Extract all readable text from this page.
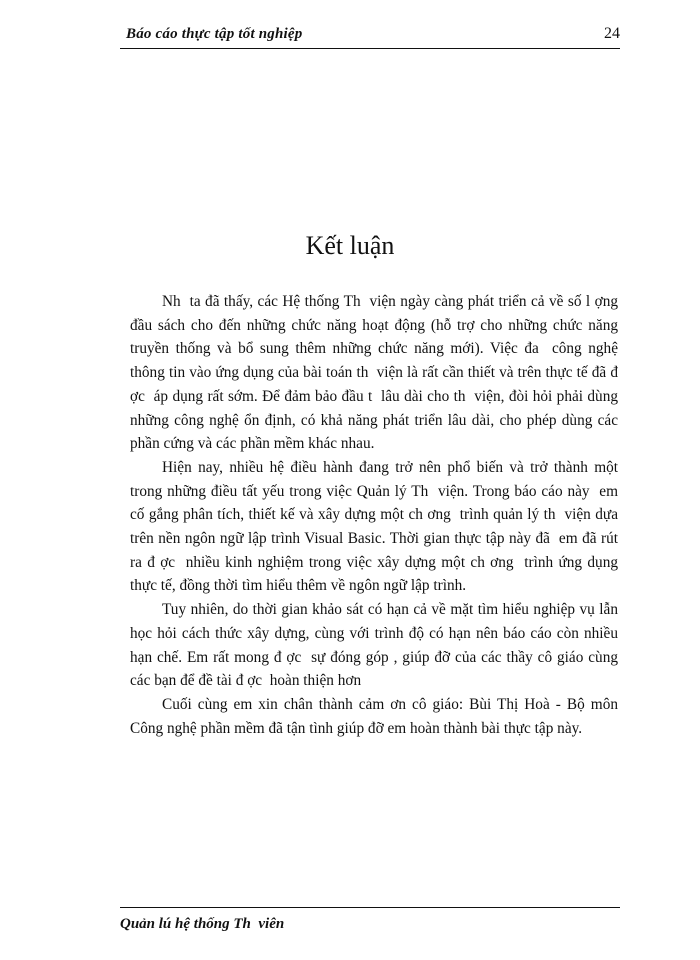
Báo cáo thực tập tốt nghiệp	24
Kết luận

Nh  ta đã thấy, các Hệ thống Th  viện ngày càng phát triển cả về số l ợng  đầu sách cho đến những chức năng hoạt động (hỗ trợ cho những chức năng truyền thống và bổ sung thêm những chức năng mới). Việc đa  công nghệ thông tin vào ứng dụng của bài toán th  viện là rất cần thiết và trên thực tế đã đ ợc  áp dụng rất sớm. Để đảm bảo đầu t  lâu dài cho th  viện, đòi hỏi phải dùng những công nghệ ổn định, có khả năng phát triển lâu dài, cho phép dùng các phần cứng và các phần mềm khác nhau.

Hiện nay, nhiều hệ điều hành đang trở nên phổ biến và trở thành một trong những điều tất yếu trong việc Quản lý Th  viện. Trong báo cáo này  em cố gắng phân tích, thiết kế và xây dựng một ch ơng  trình quản lý th  viện dựa trên nền ngôn ngữ lập trình Visual Basic. Thời gian thực tập này đã  em đã rút ra đ ợc  nhiều kinh nghiệm trong việc xây dựng một ch ơng  trình ứng dụng thực tế, đồng thời tìm hiểu thêm về ngôn ngữ lập trình.

Tuy nhiên, do thời gian khảo sát có hạn cả về mặt tìm hiểu nghiệp vụ lẫn học hỏi cách thức xây dựng, cùng với trình độ có hạn nên báo cáo còn nhiều hạn chế. Em rất mong đ ợc  sự đóng góp , giúp đỡ của các thầy cô giáo cùng các bạn để đề tài đ ợc  hoàn thiện hơn

Cuối cùng em xin chân thành cảm ơn cô giáo: Bùi Thị Hoà - Bộ môn Công nghệ phần mềm đã tận tình giúp đỡ em hoàn thành bài thực tập này.

Quản lú hệ thống Th  viên
